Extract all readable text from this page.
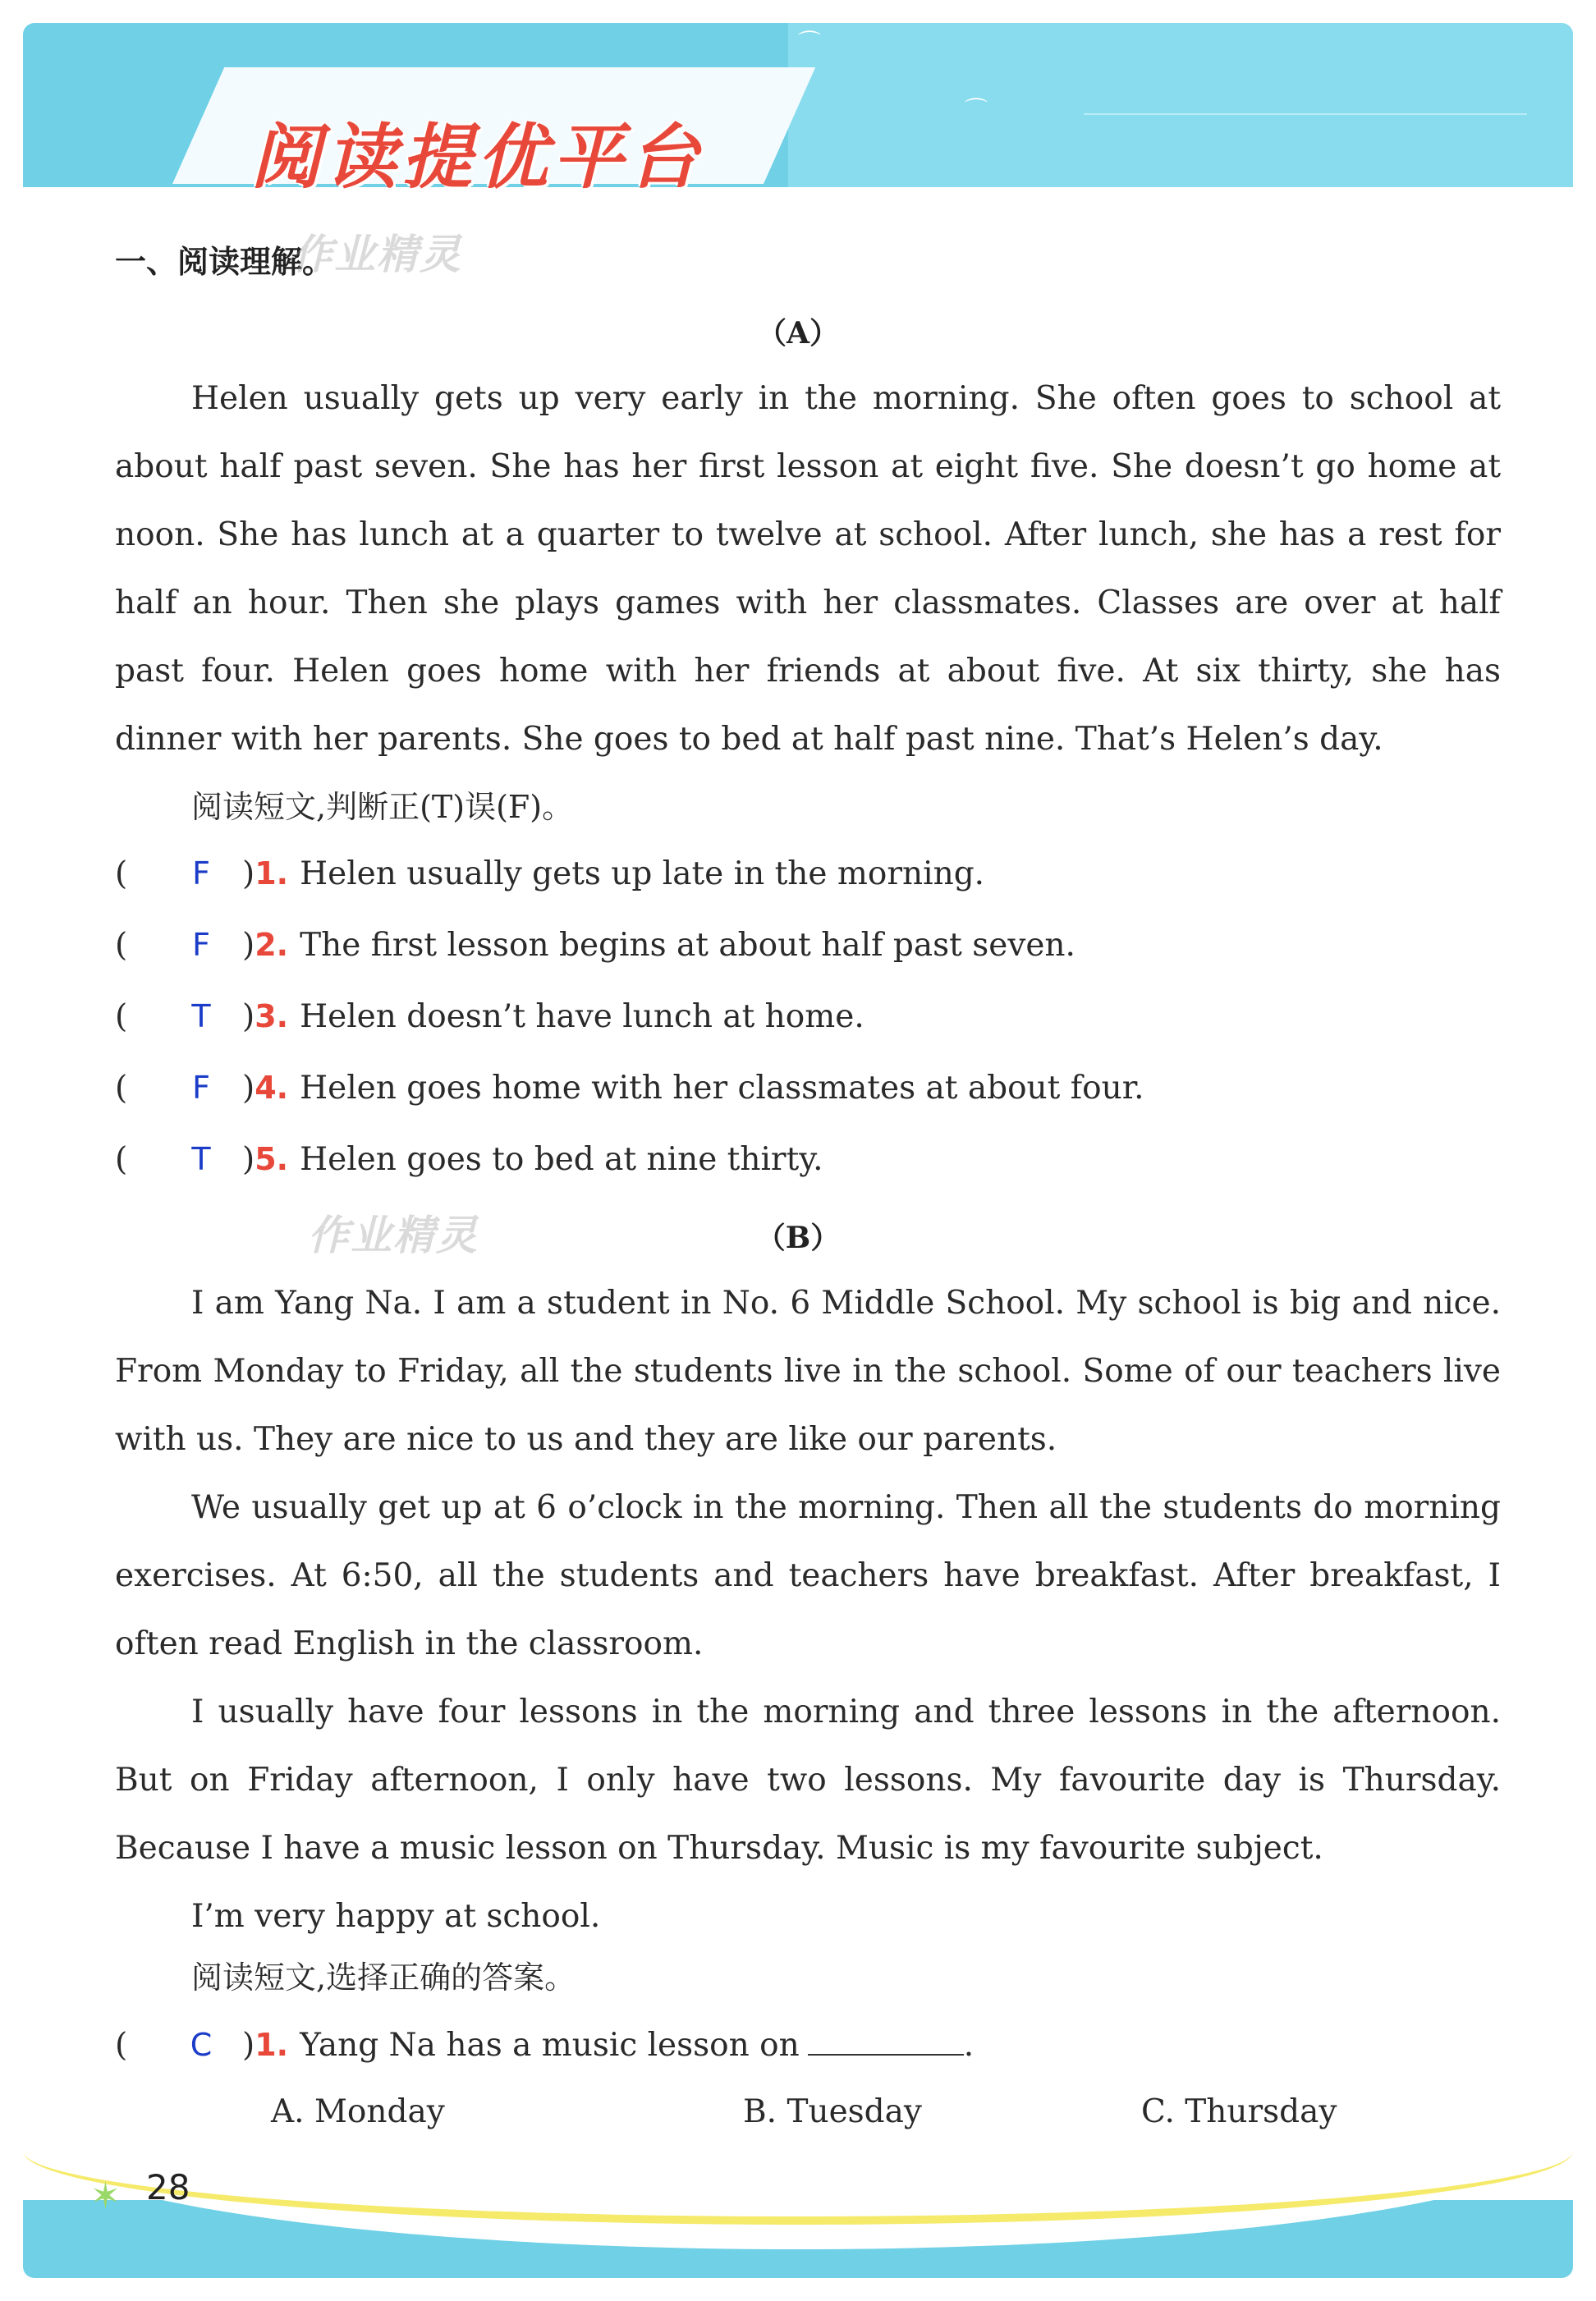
⌒
⌒
阅读提优平台
一、阅读理解。
作业精灵
（A）
Helen usually gets up very early in the morning. She often goes to school at about half past seven. She has her first lesson at eight five. She doesn’t go home at noon. She has lunch at a quarter to twelve at school. After lunch, she has a rest for half an hour. Then she plays games with her classmates. Classes are over at half past four. Helen goes home with her friends at about five. At six thirty, she has dinner with her parents. She goes to bed at half past nine. That’s Helen’s day.
阅读短文,判断正(T)误(F)。
( F )1. Helen usually gets up late in the morning.
( F )2. The first lesson begins at about half past seven.
( T )3. Helen doesn’t have lunch at home.
( F )4. Helen goes home with her classmates at about four.
( T )5. Helen goes to bed at nine thirty.
作业精灵	（B）
I am Yang Na. I am a student in No. 6 Middle School. My school is big and nice. From Monday to Friday, all the students live in the school. Some of our teachers live with us. They are nice to us and they are like our parents.
We usually get up at 6 o’clock in the morning. Then all the students do morning exercises. At 6:50, all the students and teachers have breakfast. After breakfast, I often read English in the classroom.
I usually have four lessons in the morning and three lessons in the afternoon. But on Friday afternoon, I only have two lessons. My favourite day is Thursday. Because I have a music lesson on Thursday. Music is my favourite subject.
I’m very happy at school.
阅读短文,选择正确的答案。
( C )1. Yang Na has a music lesson on	.
A. Monday	B. Tuesday	C. Thursday
✶ 28
